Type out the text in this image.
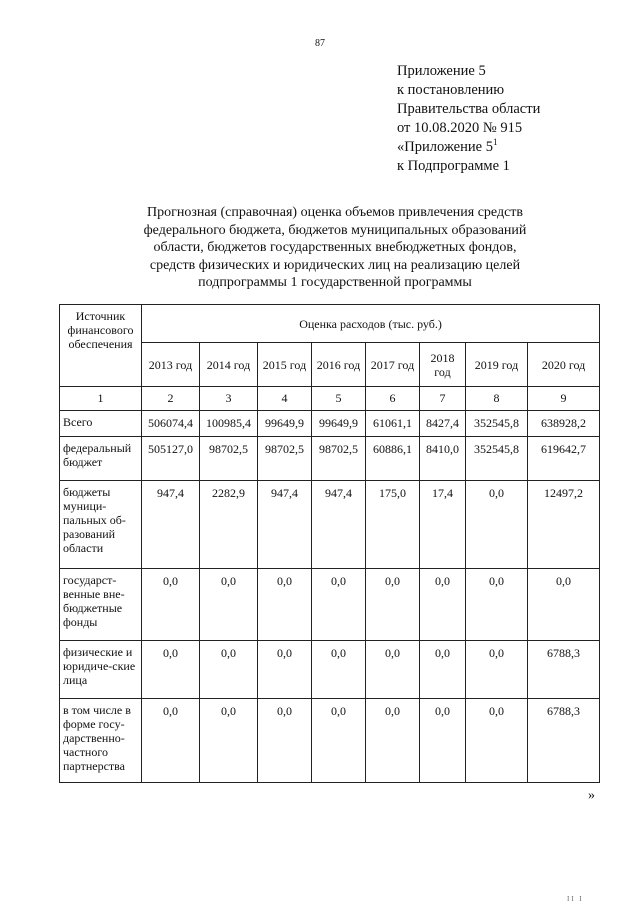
87
Приложение 5
к постановлению
Правительства области
от 10.08.2020 № 915
«Приложение $5^1$
к Подпрограмме 1
Прогнозная (справочная) оценка объемов привлечения средств
федерального бюджета, бюджетов муниципальных образований
области, бюджетов государственных внебюджетных фондов,
средств физических и юридических лиц на реализацию целей
подпрограммы 1 государственной программы
Источник финансового обеспечения	Оценка расходов (тыс. руб.)							
	2013 год	2014 год	2015 год	2016 год	2017 год	2018 год	2019 год	2020 год
1	2	3	4	5	6	7	8	9
Всего	506074,4	100985,4	99649,9	99649,9	61061,1	8427,4	352545,8	638928,2
федеральный бюджет	505127,0	98702,5	98702,5	98702,5	60886,1	8410,0	352545,8	619642,7
бюджеты муници-пальных об-разований области	947,4	2282,9	947,4	947,4	175,0	17,4	0,0	12497,2
государст-венные вне-бюджетные фонды	0,0	0,0	0,0	0,0	0,0	0,0	0,0	0,0
физические и юридиче-ские лица	0,0	0,0	0,0	0,0	0,0	0,0	0,0	6788,3
в том числе в форме госу-дарственно-частного партнерства	0,0	0,0	0,0	0,0	0,0	0,0	0,0	6788,3
»
II I
